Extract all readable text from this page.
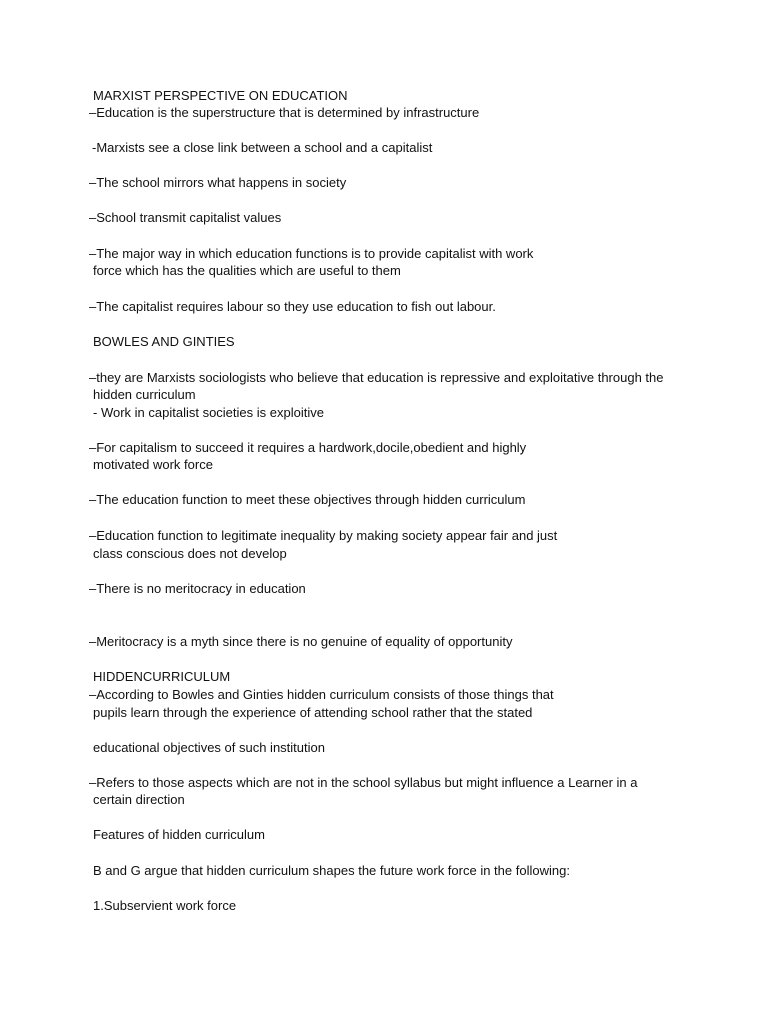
MARXIST PERSPECTIVE ON EDUCATION
–Education is the superstructure that is determined by infrastructure
-Marxists see a close link between a school and a capitalist
–The school mirrors what happens in society
–School transmit capitalist values
–The major way in which education functions is to provide capitalist with work
force which has the qualities which are useful to them
–The capitalist requires labour so they use education to fish out labour.
BOWLES AND GINTIES
–they are Marxists sociologists who believe that education is repressive and exploitative through the
hidden curriculum
- Work in capitalist societies is exploitive
–For capitalism to succeed it requires a hardwork,docile,obedient and highly
motivated work force
–The education function to meet these objectives through hidden curriculum
–Education function to legitimate inequality by making society appear fair and just
class conscious does not develop
–There is no meritocracy in education
–Meritocracy is a myth since there is no genuine of equality of opportunity
HIDDENCURRICULUM
–According to Bowles and Ginties hidden curriculum consists of those things that
pupils learn through the experience of attending school rather that the stated
educational objectives of such institution
–Refers to those aspects which are not in the school syllabus but might influence a Learner in a
certain direction
Features of hidden curriculum
B and G argue that hidden curriculum shapes the future work force in the following:
1.Subservient work force
